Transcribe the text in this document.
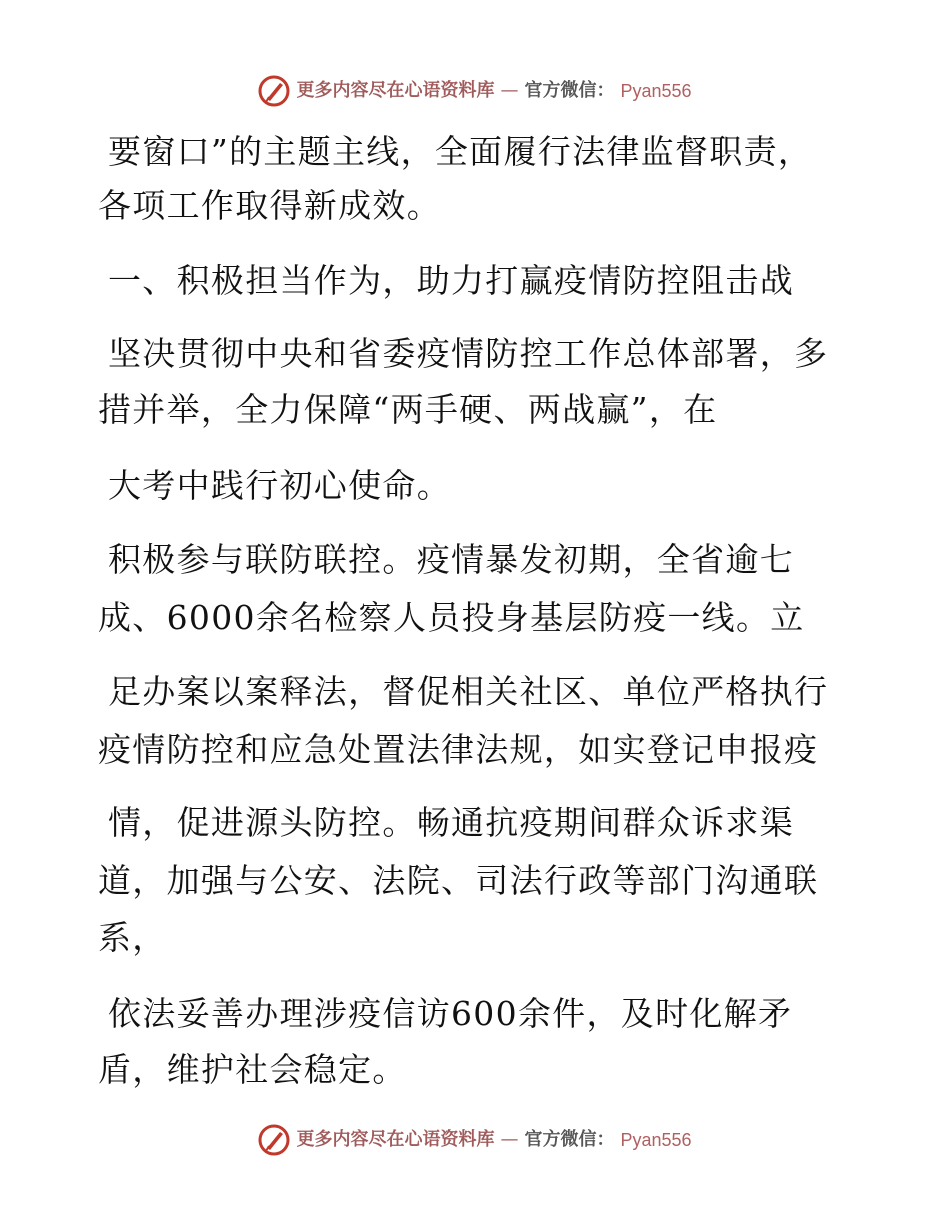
更多内容尽在心语资料库 — 官方微信： Pyan556
要窗口”的主题主线，全面履行法律监督职责，
各项工作取得新成效。
一、积极担当作为，助力打赢疫情防控阻击战
坚决贯彻中央和省委疫情防控工作总体部署，多
措并举，全力保障“两手硬、两战赢”，在
大考中践行初心使命。
积极参与联防联控。疫情暴发初期，全省逾七
成、6000余名检察人员投身基层防疫一线。立
足办案以案释法，督促相关社区、单位严格执行
疫情防控和应急处置法律法规，如实登记申报疫
情，促进源头防控。畅通抗疫期间群众诉求渠
道，加强与公安、法院、司法行政等部门沟通联
系，
依法妥善办理涉疫信访600余件，及时化解矛
盾，维护社会稳定。
更多内容尽在心语资料库 — 官方微信： Pyan556
